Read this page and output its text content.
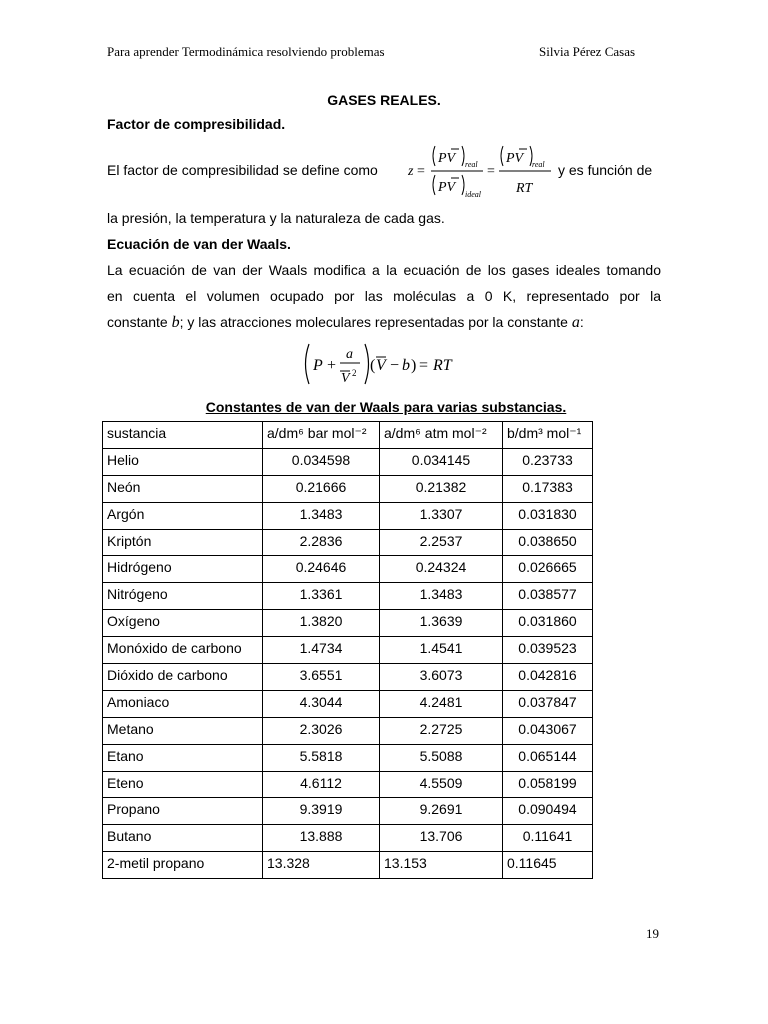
Para aprender Termodinámica resolviendo problemas	Silvia Pérez Casas
GASES REALES.
Factor de compresibilidad.
El factor de compresibilidad se define como z =
PV real
PV ideal
=
PV real
RT
y es función de
la presión, la temperatura y la naturaleza de cada gas.
Ecuación de van der Waals.
La ecuación de van der Waals modifica a la ecuación de los gases ideales tomando
en cuenta el volumen ocupado por las moléculas a 0 K, representado por la
constante b; y las atracciones moleculares representadas por la constante a:
P +
a
V 2 ( V − b ) = RT
Constantes de van der Waals para varias substancias.
sustancia	a/dm⁶ bar mol⁻²	a/dm⁶ atm mol⁻²	b/dm³ mol⁻¹
Helio	0.034598	0.034145	0.23733
Neón	0.21666	0.21382	0.17383
Argón	1.3483	1.3307	0.031830
Kriptón	2.2836	2.2537	0.038650
Hidrógeno	0.24646	0.24324	0.026665
Nitrógeno	1.3361	1.3483	0.038577
Oxígeno	1.3820	1.3639	0.031860
Monóxido de carbono	1.4734	1.4541	0.039523
Dióxido de carbono	3.6551	3.6073	0.042816
Amoniaco	4.3044	4.2481	0.037847
Metano	2.3026	2.2725	0.043067
Etano	5.5818	5.5088	0.065144
Eteno	4.6112	4.5509	0.058199
Propano	9.3919	9.2691	0.090494
Butano	13.888	13.706	0.11641
2-metil propano	13.328	13.153	0.11645
19
